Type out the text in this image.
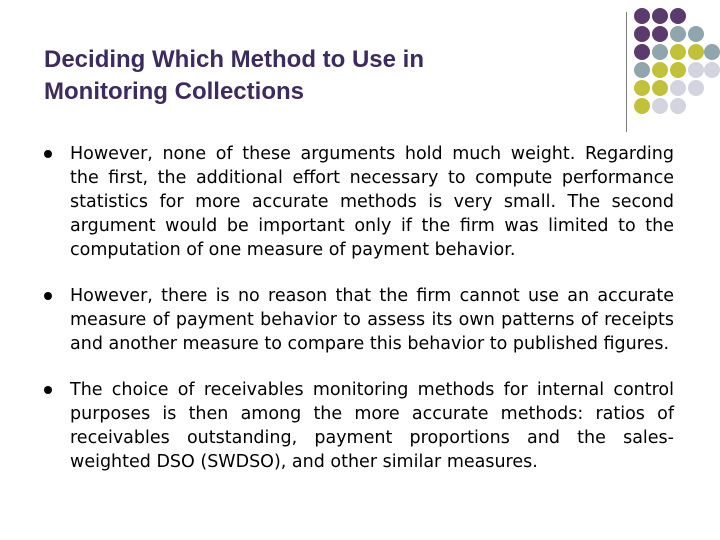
Deciding Which Method to Use in
Monitoring Collections
However, none of these arguments hold much weight. Regarding the first, the additional effort necessary to compute performance statistics for more accurate methods is very small. The second argument would be important only if the firm was limited to the computation of one measure of payment behavior.
However, there is no reason that the firm cannot use an accurate measure of payment behavior to assess its own patterns of receipts and another measure to compare this behavior to published figures.
The choice of receivables monitoring methods for internal control purposes is then among the more accurate methods: ratios of receivables outstanding, payment proportions and the sales-weighted DSO (SWDSO), and other similar measures.
